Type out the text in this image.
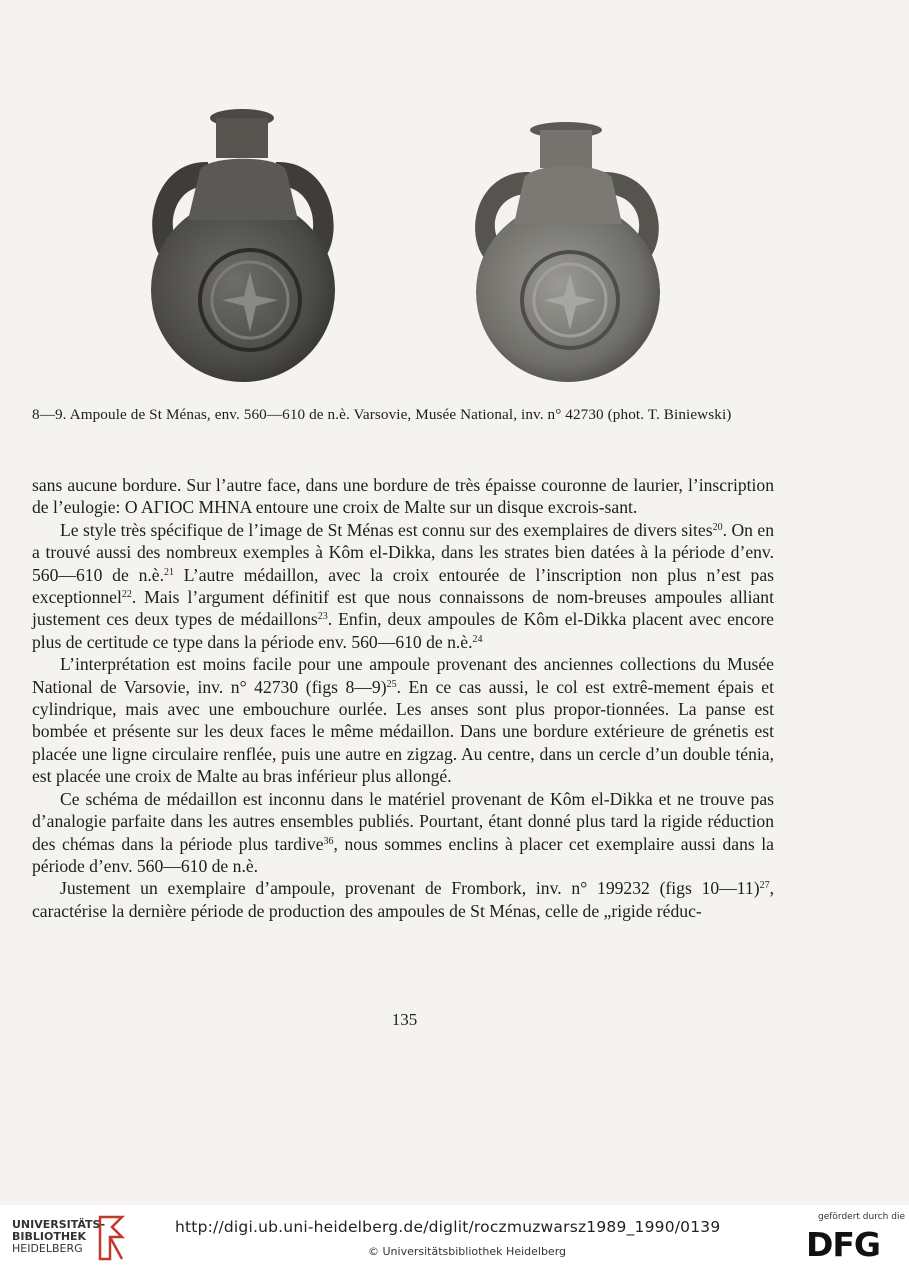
8—9. Ampoule de St Ménas, env. 560—610 de n.è. Varsovie, Musée National, inv. n° 42730 (phot. T. Biniewski)

sans aucune bordure. Sur l’autre face, dans une bordure de très épaisse couronne de laurier, l’inscription de l’eulogie: Ο ΑΓΙΟC ΜΗΝΑ entoure une croix de Malte sur un disque excrois-sant.

Le style très spécifique de l’image de St Ménas est connu sur des exemplaires de divers sites$^{20}$. On en a trouvé aussi des nombreux exemples à Kôm el-Dikka, dans les strates bien datées à la période d’env. 560—610 de n.è.$^{21}$ L’autre médaillon, avec la croix entourée de l’inscription non plus n’est pas exceptionnel$^{22}$. Mais l’argument définitif est que nous connaissons de nom-breuses ampoules alliant justement ces deux types de médaillons$^{23}$. Enfin, deux ampoules de Kôm el-Dikka placent avec encore plus de certitude ce type dans la période env. 560—610 de n.è.$^{24}$

L’interprétation est moins facile pour une ampoule provenant des anciennes collections du Musée National de Varsovie, inv. n° 42730 (figs 8—9)$^{25}$. En ce cas aussi, le col est extrê-mement épais et cylindrique, mais avec une embouchure ourlée. Les anses sont plus propor-tionnées. La panse est bombée et présente sur les deux faces le même médaillon. Dans une bordure extérieure de grénetis est placée une ligne circulaire renflée, puis une autre en zigzag. Au centre, dans un cercle d’un double ténia, est placée une croix de Malte au bras inférieur plus allongé.

Ce schéma de médaillon est inconnu dans le matériel provenant de Kôm el-Dikka et ne trouve pas d’analogie parfaite dans les autres ensembles publiés. Pourtant, étant donné plus tard la rigide réduction des chémas dans la période plus tardive$^{36}$, nous sommes enclins à placer cet exemplaire aussi dans la période d’env. 560—610 de n.è.

Justement un exemplaire d’ampoule, provenant de Frombork, inv. n° 199232 (figs 10—11)$^{27}$, caractérise la dernière période de production des ampoules de St Ménas, celle de „rigide réduc-

135
UNIVERSITÄTS-
BIBLIOTHEK
HEIDELBERG
http://digi.ub.uni-heidelberg.de/diglit/roczmuzwarsz1989_1990/0139
© Universitätsbibliothek Heidelberg
gefördert durch die
DFG
